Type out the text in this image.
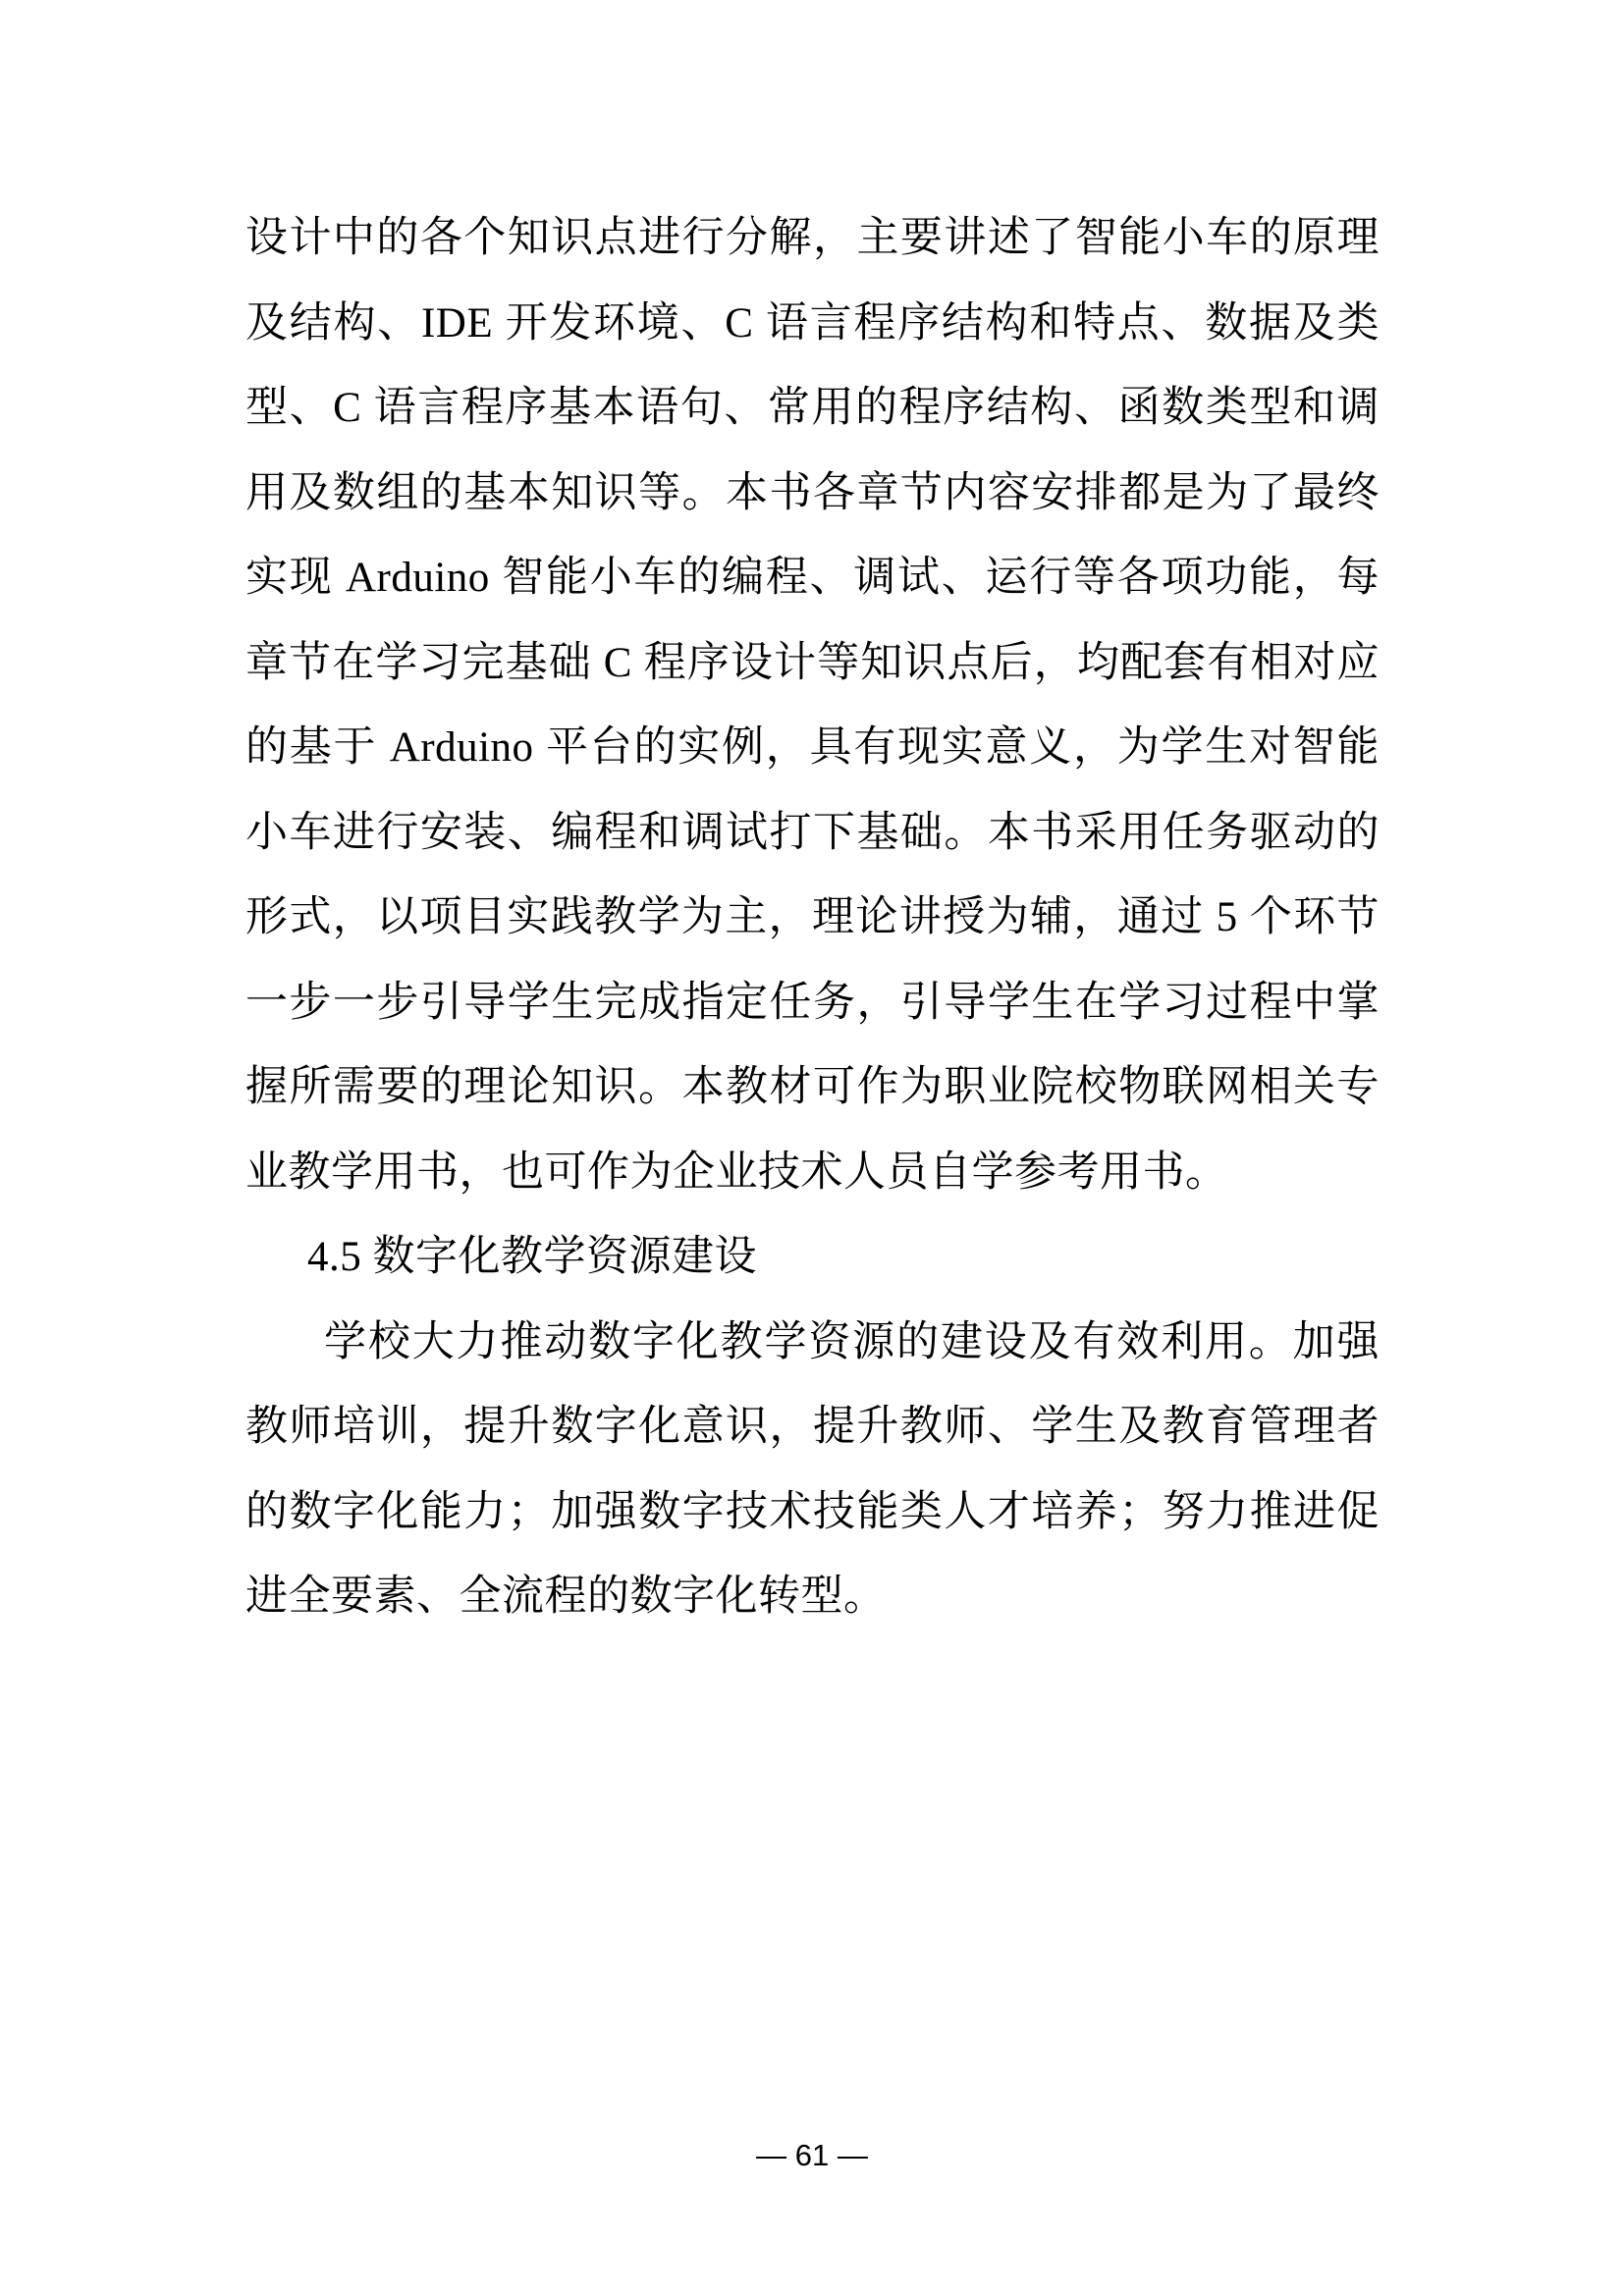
设计中的各个知识点进行分解，主要讲述了智能小车的原理
及结构、IDE 开发环境、C 语言程序结构和特点、数据及类
型、C 语言程序基本语句、常用的程序结构、函数类型和调
用及数组的基本知识等。本书各章节内容安排都是为了最终
实现 Arduino 智能小车的编程、调试、运行等各项功能，每
章节在学习完基础 C 程序设计等知识点后，均配套有相对应
的基于 Arduino 平台的实例，具有现实意义，为学生对智能
小车进行安装、编程和调试打下基础。本书采用任务驱动的
形式，以项目实践教学为主，理论讲授为辅，通过 5 个环节
一步一步引导学生完成指定任务，引导学生在学习过程中掌
握所需要的理论知识。本教材可作为职业院校物联网相关专
业教学用书，也可作为企业技术人员自学参考用书。
4.5 数字化教学资源建设
学校大力推动数字化教学资源的建设及有效利用。加强
教师培训，提升数字化意识，提升教师、学生及教育管理者
的数字化能力；加强数字技术技能类人才培养；努力推进促
进全要素、全流程的数字化转型。
— 61 —
